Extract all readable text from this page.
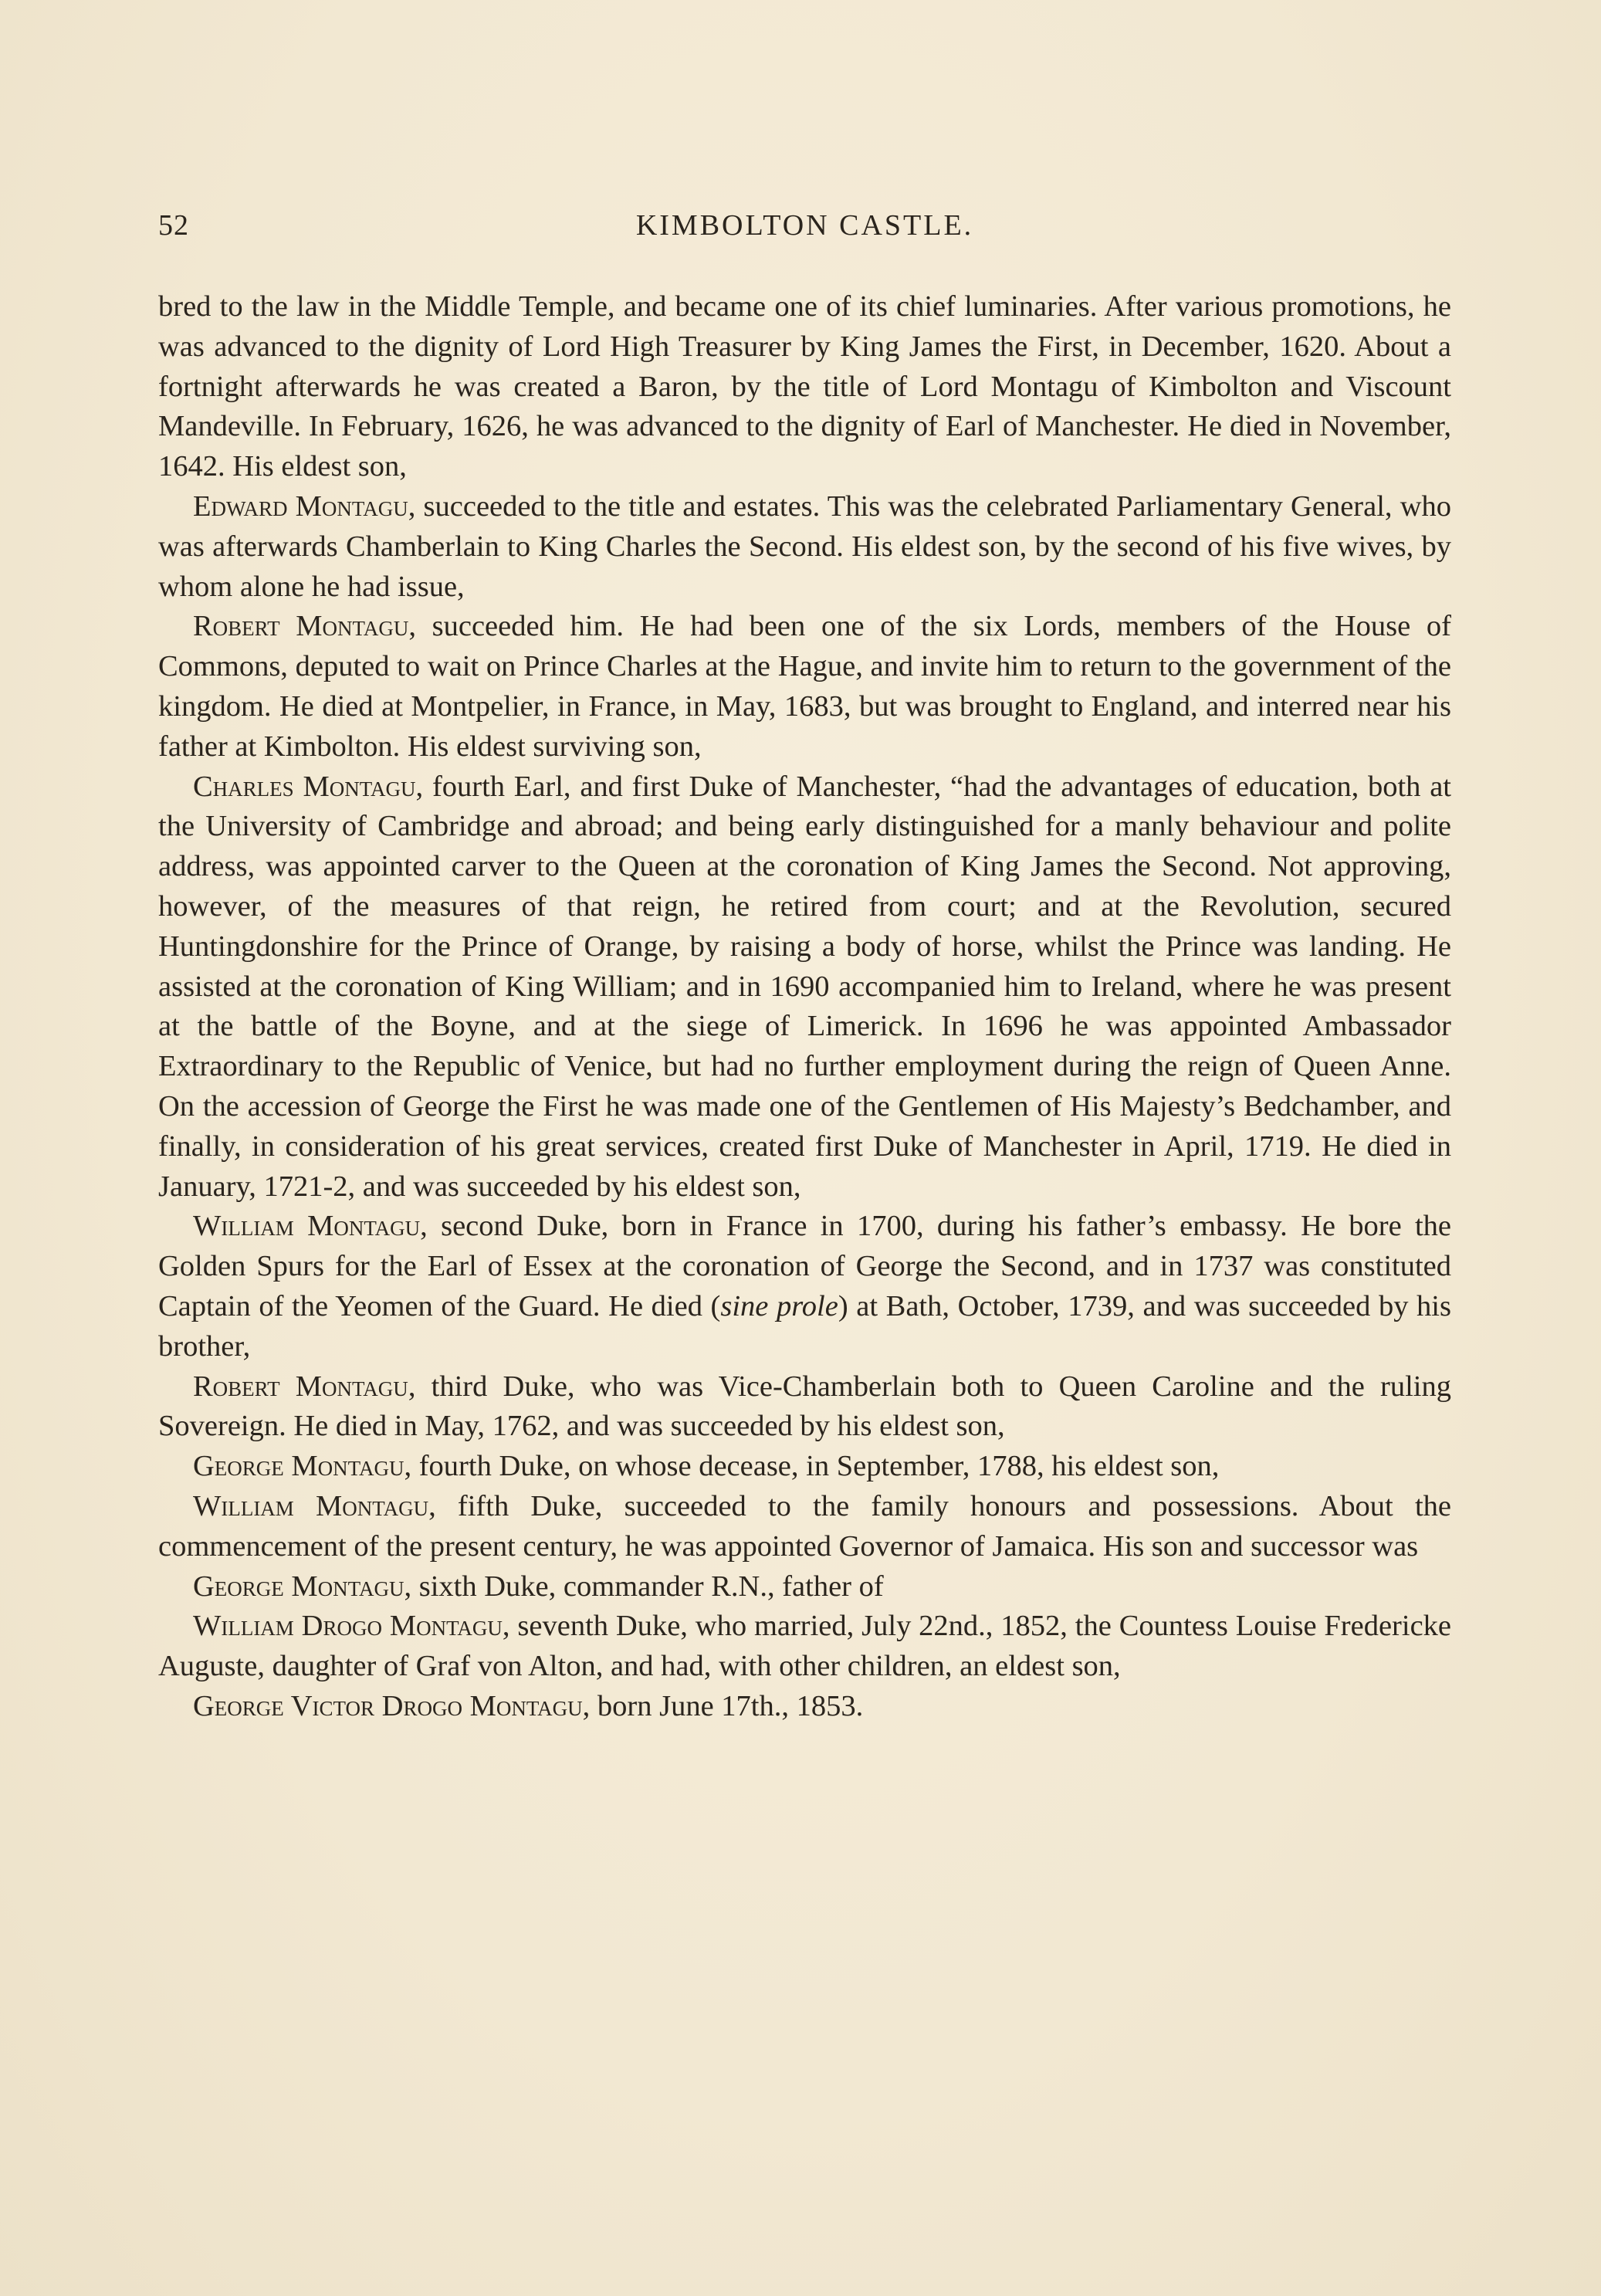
52	KIMBOLTON CASTLE.

bred to the law in the Middle Temple, and became one of its chief luminaries. After various promotions, he was advanced to the dignity of Lord High Treasurer by King James the First, in December, 1620. About a fortnight afterwards he was created a Baron, by the title of Lord Montagu of Kimbolton and Viscount Mandeville. In February, 1626, he was advanced to the dignity of Earl of Manchester. He died in November, 1642. His eldest son,

Edward Montagu, succeeded to the title and estates. This was the celebrated Parliamentary General, who was afterwards Chamberlain to King Charles the Second. His eldest son, by the second of his five wives, by whom alone he had issue,

Robert Montagu, succeeded him. He had been one of the six Lords, members of the House of Commons, deputed to wait on Prince Charles at the Hague, and invite him to return to the government of the kingdom. He died at Montpelier, in France, in May, 1683, but was brought to England, and interred near his father at Kimbolton. His eldest surviving son,

Charles Montagu, fourth Earl, and first Duke of Manchester, “had the advantages of education, both at the University of Cambridge and abroad; and being early distinguished for a manly behaviour and polite address, was appointed carver to the Queen at the coronation of King James the Second. Not approving, however, of the measures of that reign, he retired from court; and at the Revolution, secured Huntingdonshire for the Prince of Orange, by raising a body of horse, whilst the Prince was landing. He assisted at the coronation of King William; and in 1690 accompanied him to Ireland, where he was present at the battle of the Boyne, and at the siege of Limerick. In 1696 he was appointed Ambassador Extraordinary to the Republic of Venice, but had no further employment during the reign of Queen Anne. On the accession of George the First he was made one of the Gentlemen of His Majesty’s Bedchamber, and finally, in consideration of his great services, created first Duke of Manchester in April, 1719. He died in January, 1721-2, and was succeeded by his eldest son,

William Montagu, second Duke, born in France in 1700, during his father’s embassy. He bore the Golden Spurs for the Earl of Essex at the coronation of George the Second, and in 1737 was constituted Captain of the Yeomen of the Guard. He died (sine prole) at Bath, October, 1739, and was succeeded by his brother,

Robert Montagu, third Duke, who was Vice-Chamberlain both to Queen Caroline and the ruling Sovereign. He died in May, 1762, and was succeeded by his eldest son,

George Montagu, fourth Duke, on whose decease, in September, 1788, his eldest son,

William Montagu, fifth Duke, succeeded to the family honours and possessions. About the commencement of the present century, he was appointed Governor of Jamaica. His son and successor was

George Montagu, sixth Duke, commander R.N., father of

William Drogo Montagu, seventh Duke, who married, July 22nd., 1852, the Countess Louise Fredericke Auguste, daughter of Graf von Alton, and had, with other children, an eldest son,

George Victor Drogo Montagu, born June 17th., 1853.
